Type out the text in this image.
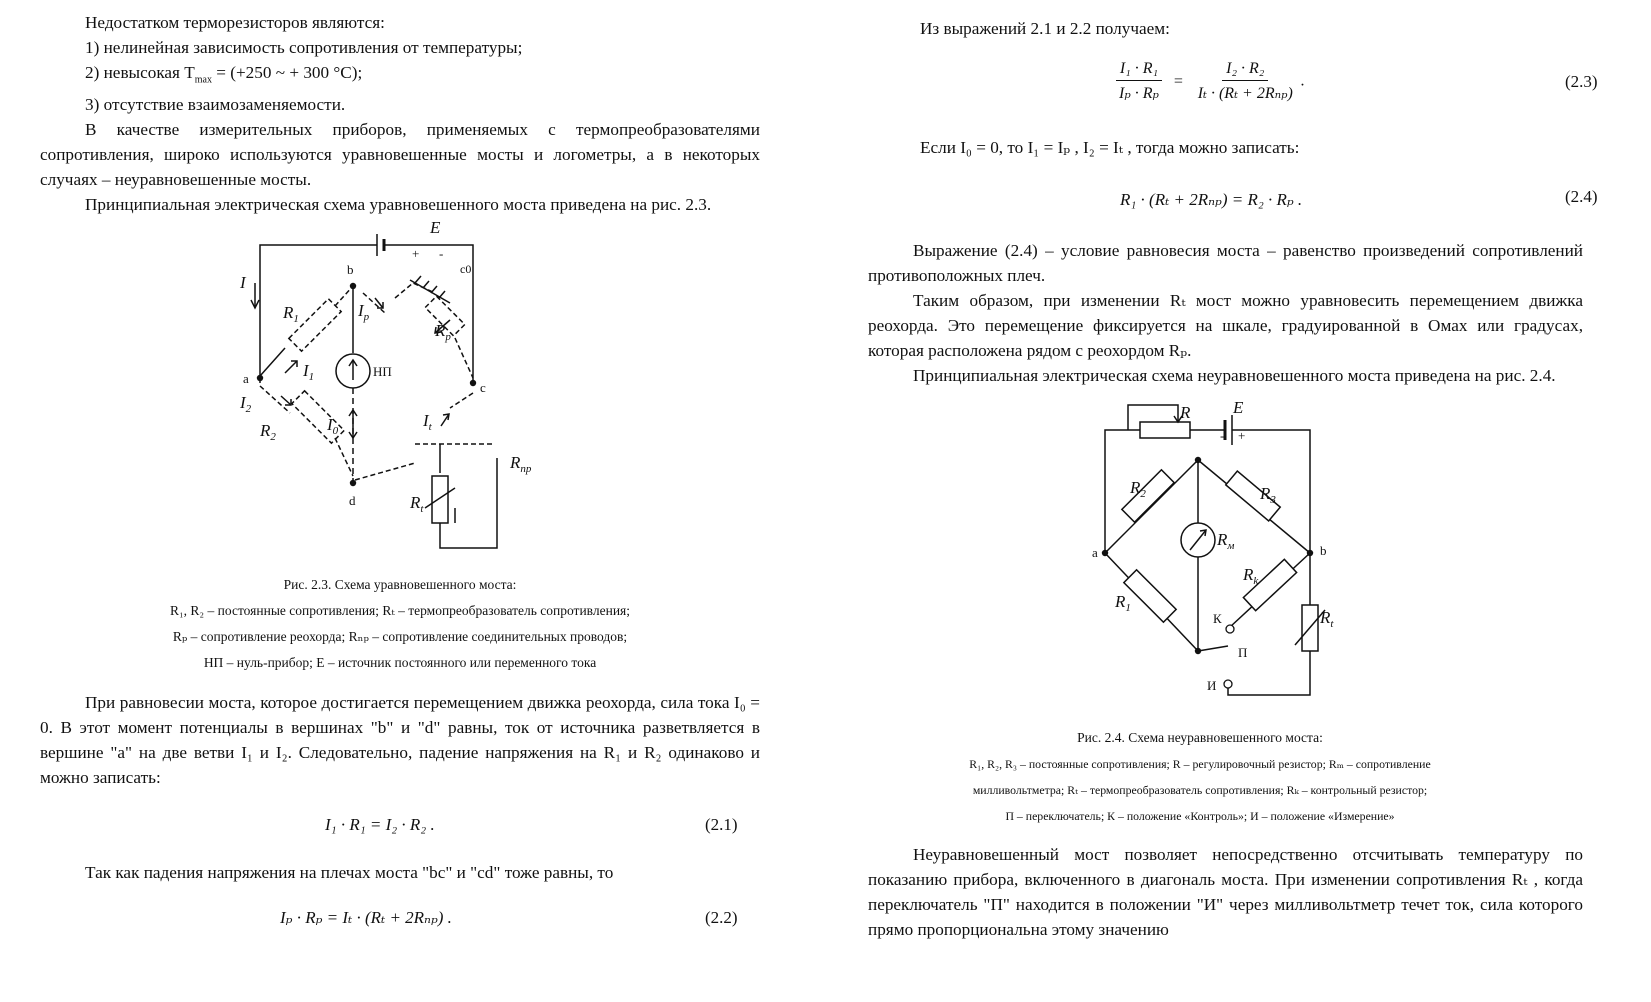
Недостатком терморезисторов являются:

1) нелинейная зависимость сопротивления от температуры;

2) невысокая $T_{max} = (+250$ ~ + 300 °C);

3) отсутствие взаимозаменяемости.

В качестве измерительных приборов, применяемых с термопреобразователями сопротивления, широко используются уравновешенные мосты и логометры, а в некоторых случаях – неуравновешенные мосты.

Принципиальная электрическая схема уравновешенного моста приведена на рис. 2.3.

E
+ -
I
b
a
c
d
$R_1$
$I_1$
$I_2$
$R_2$
$I_p$
$R_p$
c0
НП
$I_0$
$I_t$
$R_{пр}$
$R_t$
Рис. 2.3. Схема уравновешенного моста:
R₁, R₂ – постоянные сопротивления; Rₜ – термопреобразователь сопротивления;
Rₚ – сопротивление реохорда; Rₙₚ – сопротивление соединительных проводов;
НП – нуль-прибор; E – источник постоянного или переменного тока

При равновесии моста, которое достигается перемещением движка реохорда, сила тока I₀ = 0. В этот момент потенциалы в вершинах "b" и "d" равны, ток от источника разветвляется в вершине "a" на две ветви I₁ и I₂. Следовательно, падение напряжения на R₁ и R₂ одинаково и можно записать:

I₁ · R₁ = I₂ · R₂ .	(2.1)

Так как падения напряжения на плечах моста "bc" и "cd" тоже равны, то

Iₚ · Rₚ = Iₜ · (Rₜ + 2Rₙₚ) .	(2.2)

Из выражений 2.1 и 2.2 получаем:

$\frac{\text{I₁ · R₁}}{\text{Iₚ · Rₚ}} = \frac{\text{I₂ · R₂}}{\text{Iₜ · (Rₜ + 2Rₙₚ)}}$ .	(2.3)

Если I₀ = 0, то I₁ = Iₚ , I₂ = Iₜ , тогда можно записать:

R₁ · (Rₜ + 2Rₙₚ) = R₂ · Rₚ .	(2.4)

Выражение (2.4) – условие равновесия моста – равенство произведений сопротивлений противоположных плеч.

Таким образом, при изменении Rₜ мост можно уравновесить перемещением движка реохорда. Это перемещение фиксируется на шкале, градуированной в Омах или градусах, которая расположена рядом с реохордом Rₚ.

Принципиальная электрическая схема неуравновешенного моста приведена на рис. 2.4.

R	E
- +
$R_2$	$R_3$
$R_м$
a	b
$R_1$
$R_k$
К	$R_t$
П
И
Рис. 2.4. Схема неуравновешенного моста:
R₁, R₂, R₃ – постоянные сопротивления; R – регулировочный резистор; Rₘ – сопротивление
милливольтметра; Rₜ – термопреобразователь сопротивления; Rₖ – контрольный резистор;
П – переключатель; К – положение «Контроль»; И – положение «Измерение»

Неуравновешенный мост позволяет непосредственно отсчитывать температуру по показанию прибора, включенного в диагональ моста. При изменении сопротивления Rₜ , когда переключатель "П" находится в положении "И" через милливольтметр течет ток, сила которого прямо пропорциональна этому значению
